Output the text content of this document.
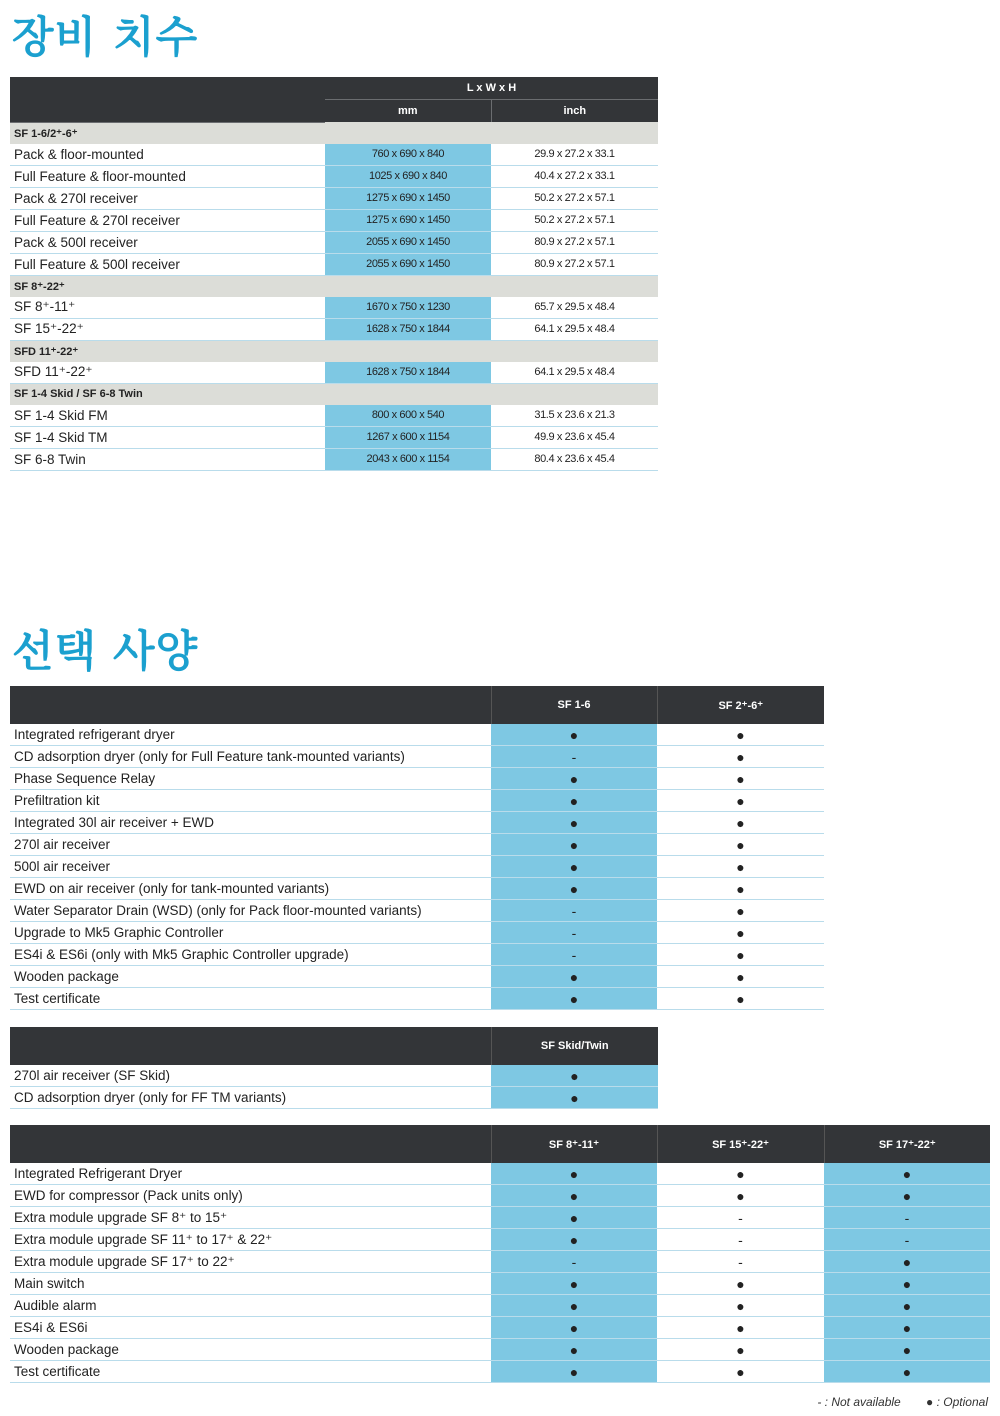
장비 치수
	L x W x H	
	mm	inch
SF 1-6/2⁺-6⁺		
Pack & floor-mounted	760 x 690 x 840	29.9 x 27.2 x 33.1
Full Feature & floor-mounted	1025 x 690 x 840	40.4 x 27.2 x 33.1
Pack & 270l receiver	1275 x 690 x 1450	50.2 x 27.2 x 57.1
Full Feature & 270l receiver	1275 x 690 x 1450	50.2 x 27.2 x 57.1
Pack & 500l receiver	2055 x 690 x 1450	80.9 x 27.2 x 57.1
Full Feature & 500l receiver	2055 x 690 x 1450	80.9 x 27.2 x 57.1
SF 8⁺-22⁺		
SF 8⁺-11⁺	1670 x 750 x 1230	65.7 x 29.5 x 48.4
SF 15⁺-22⁺	1628 x 750 x 1844	64.1 x 29.5 x 48.4
SFD 11⁺-22⁺		
SFD 11⁺-22⁺	1628 x 750 x 1844	64.1 x 29.5 x 48.4
SF 1-4 Skid / SF 6-8 Twin		
SF 1-4 Skid FM	800 x 600 x 540	31.5 x 23.6 x 21.3
SF 1-4 Skid TM	1267 x 600 x 1154	49.9 x 23.6 x 45.4
SF 6-8 Twin	2043 x 600 x 1154	80.4 x 23.6 x 45.4
선택 사양
	SF 1-6	SF 2⁺-6⁺
Integrated refrigerant dryer	●	●
CD adsorption dryer (only for Full Feature tank-mounted variants)	-	●
Phase Sequence Relay	●	●
Prefiltration kit	●	●
Integrated 30l air receiver + EWD	●	●
270l air receiver	●	●
500l air receiver	●	●
EWD on air receiver (only for tank-mounted variants)	●	●
Water Separator Drain (WSD) (only for Pack floor-mounted variants)	-	●
Upgrade to Mk5 Graphic Controller	-	●
ES4i & ES6i (only with Mk5 Graphic Controller upgrade)	-	●
Wooden package	●	●
Test certificate	●	●
	SF Skid/Twin
270l air receiver (SF Skid)	●
CD adsorption dryer (only for FF TM variants)	●
	SF 8⁺-11⁺	SF 15⁺-22⁺	SF 17⁺-22⁺
Integrated Refrigerant Dryer	●	●	●
EWD for compressor (Pack units only)	●	●	●
Extra module upgrade SF 8⁺ to 15⁺	●	-	-
Extra module upgrade SF 11⁺ to 17⁺ & 22⁺	●	-	-
Extra module upgrade SF 17⁺ to 22⁺	-	-	●
Main switch	●	●	●
Audible alarm	●	●	●
ES4i & ES6i	●	●	●
Wooden package	●	●	●
Test certificate	●	●	●
- : Not available ● : Optional
